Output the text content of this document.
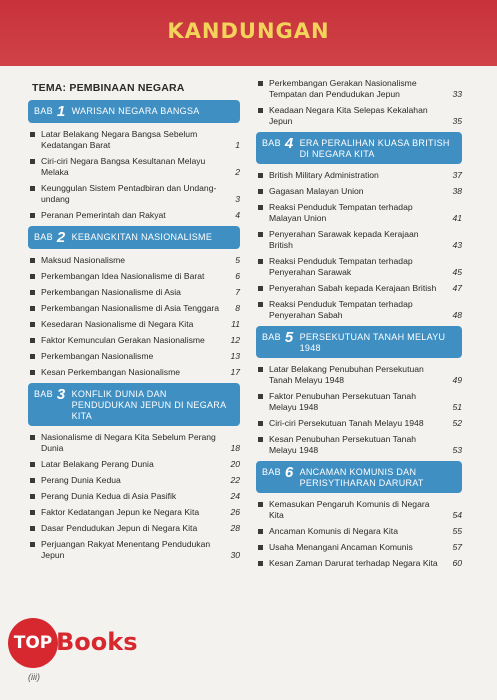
KANDUNGAN
TEMA: PEMBINAAN NEGARA
BAB 1 WARISAN NEGARA BANGSA
Latar Belakang Negara Bangsa Sebelum Kedatangan Barat	1
Ciri-ciri Negara Bangsa Kesultanan Melayu Melaka	2
Keunggulan Sistem Pentadbiran dan Undang-undang	3
Peranan Pemerintah dan Rakyat	4
BAB 2 KEBANGKITAN NASIONALISME
Maksud Nasionalisme	5
Perkembangan Idea Nasionalisme di Barat	6
Perkembangan Nasionalisme di Asia	7
Perkembangan Nasionalisme di Asia Tenggara	8
Kesedaran Nasionalisme di Negara Kita	11
Faktor Kemunculan Gerakan Nasionalisme	12
Perkembangan Nasionalisme	13
Kesan Perkembangan Nasionalisme	17
BAB 3 KONFLIK DUNIA DAN PENDUDUKAN JEPUN DI NEGARA KITA
Nasionalisme di Negara Kita Sebelum Perang Dunia	18
Latar Belakang Perang Dunia	20
Perang Dunia Kedua	22
Perang Dunia Kedua di Asia Pasifik	24
Faktor Kedatangan Jepun ke Negara Kita	26
Dasar Pendudukan Jepun di Negara Kita	28
Perjuangan Rakyat Menentang Pendudukan Jepun	30
Perkembangan Gerakan Nasionalisme Tempatan dan Pendudukan Jepun	33
Keadaan Negara Kita Selepas Kekalahan Jepun	35
BAB 4 ERA PERALIHAN KUASA BRITISH DI NEGARA KITA
British Military Administration	37
Gagasan Malayan Union	38
Reaksi Penduduk Tempatan terhadap Malayan Union	41
Penyerahan Sarawak kepada Kerajaan British	43
Reaksi Penduduk Tempatan terhadap Penyerahan Sarawak	45
Penyerahan Sabah kepada Kerajaan British	47
Reaksi Penduduk Tempatan terhadap Penyerahan Sabah	48
BAB 5 PERSEKUTUAN TANAH MELAYU 1948
Latar Belakang Penubuhan Persekutuan Tanah Melayu 1948	49
Faktor Penubuhan Persekutuan Tanah Melayu 1948	51
Ciri-ciri Persekutuan Tanah Melayu 1948	52
Kesan Penubuhan Persekutuan Tanah Melayu 1948	53
BAB 6 ANCAMAN KOMUNIS DAN PERISYTIHARAN DARURAT
Kemasukan Pengaruh Komunis di Negara Kita	54
Ancaman Komunis di Negara Kita	55
Usaha Menangani Ancaman Komunis	57
Kesan Zaman Darurat terhadap Negara Kita	60
TOP Books
(iii)
